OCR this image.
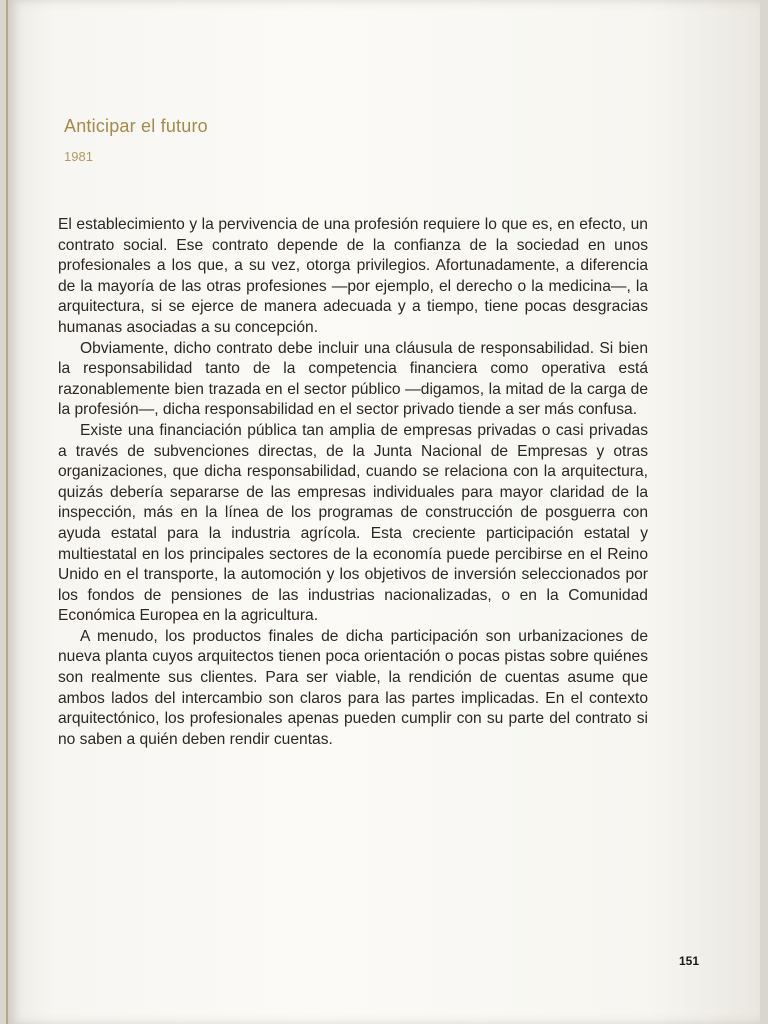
Anticipar el futuro
1981

El establecimiento y la pervivencia de una profesión requiere lo que es, en efecto, un contrato social. Ese contrato depende de la confianza de la sociedad en unos profesionales a los que, a su vez, otorga privilegios. Afortunadamente, a diferencia de la mayoría de las otras profesiones —por ejemplo, el derecho o la medicina—, la arquitectura, si se ejerce de manera adecuada y a tiempo, tiene pocas desgracias humanas asociadas a su concepción.

Obviamente, dicho contrato debe incluir una cláusula de responsabilidad. Si bien la responsabilidad tanto de la competencia financiera como operativa está razonablemente bien trazada en el sector público —digamos, la mitad de la carga de la profesión—, dicha responsabilidad en el sector privado tiende a ser más confusa.

Existe una financiación pública tan amplia de empresas privadas o casi privadas a través de subvenciones directas, de la Junta Nacional de Empresas y otras organizaciones, que dicha responsabilidad, cuando se relaciona con la arquitectura, quizás debería separarse de las empresas individuales para mayor claridad de la inspección, más en la línea de los programas de construcción de posguerra con ayuda estatal para la industria agrícola. Esta creciente participación estatal y multiestatal en los principales sectores de la economía puede percibirse en el Reino Unido en el transporte, la automoción y los objetivos de inversión seleccionados por los fondos de pensiones de las industrias nacionalizadas, o en la Comunidad Económica Europea en la agricultura.

A menudo, los productos finales de dicha participación son urbanizaciones de nueva planta cuyos arquitectos tienen poca orientación o pocas pistas sobre quiénes son realmente sus clientes. Para ser viable, la rendición de cuentas asume que ambos lados del intercambio son claros para las partes implicadas. En el contexto arquitectónico, los profesionales apenas pueden cumplir con su parte del contrato si no saben a quién deben rendir cuentas.

151
